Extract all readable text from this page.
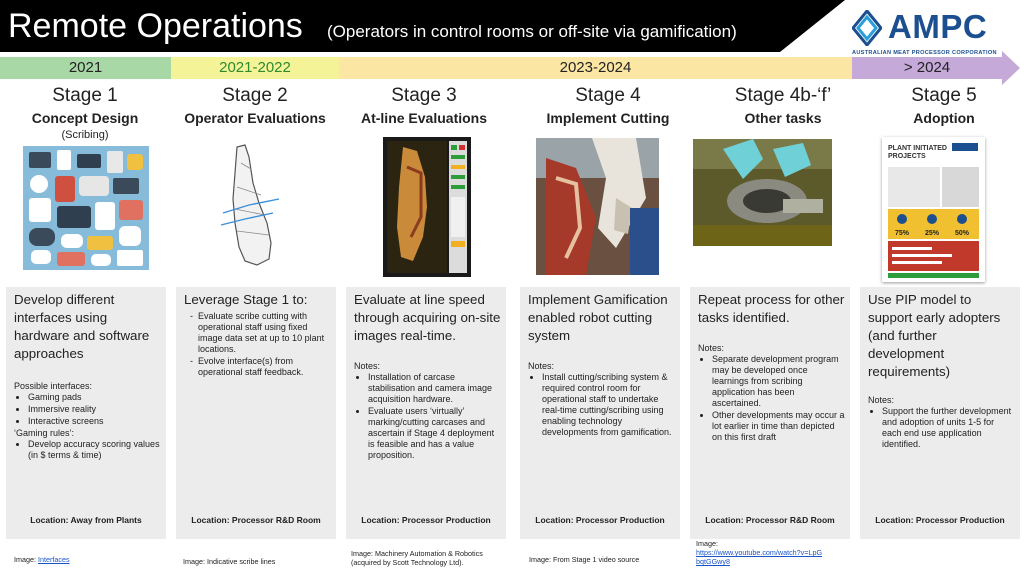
Remote Operations (Operators in control rooms or off-site via gamification)	AMPC
AUSTRALIAN MEAT PROCESSOR CORPORATION
2021	2021-2022	2023-2024	> 2024
Stage 1
Concept Design
(Scribing)
Stage 2
Operator Evaluations
Stage 3
At-line Evaluations
Stage 4
Implement Cutting
Stage 4b-‘f’
Other tasks
Stage 5
Adoption
PLANT INITIATED
PROJECTS
75% 25% 50%
Develop different interfaces using hardware and software approaches
Possible interfaces:
• Gaming pads
• Immersive reality
• Interactive screens
‘Gaming rules’:
• Develop accuracy scoring values (in $ terms & time)
Location: Away from Plants
Leverage Stage 1 to:
- Evaluate scribe cutting with operational staff using fixed image data set at up to 10 plant locations.
- Evolve interface(s) from operational staff feedback.
Location: Processor R&D Room
Evaluate at line speed through acquiring on-site images real-time.
Notes:
• Installation of carcase stabilisation and camera image acquisition hardware.
• Evaluate users ‘virtually’ marking/cutting carcases and ascertain if Stage 4 deployment is feasible and has a value proposition.
Location: Processor Production
Implement Gamification enabled robot cutting system
Notes:
• Install cutting/scribing system & required control room for operational staff to undertake real-time cutting/scribing using enabling technology developments from gamification.
Location: Processor Production
Repeat process for other tasks identified.
Notes:
• Separate development program may be developed once learnings from scribing application has been ascertained.
• Other developments may occur a lot earlier in time than depicted on this first draft
Location: Processor R&D Room
Use PIP model to support early adopters (and further development requirements)
Notes:
• Support the further development and adoption of units 1-5 for each end use application identified.
Location: Processor Production
Image: Interfaces	Image: Indicative scribe lines
Image: Machinery Automation & Robotics
(acquired by Scott Technology Ltd).	Image: From Stage 1 video source
Image:
https://www.youtube.com/watch?v=LpG
bqtGGwy8
